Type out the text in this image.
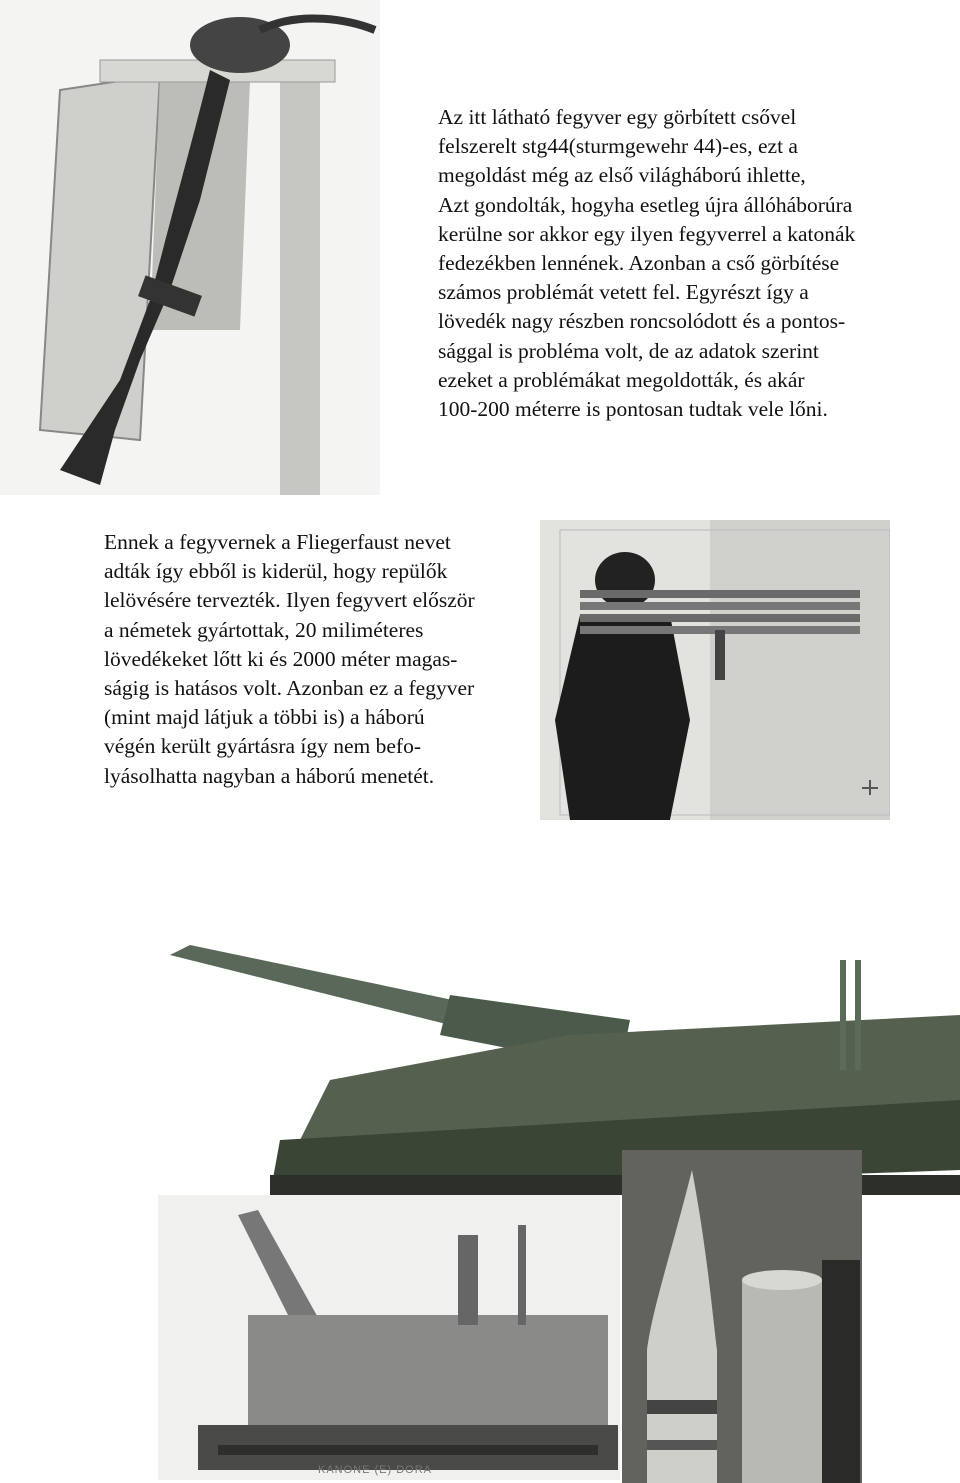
Az itt látható fegyver egy görbített csővel
felszerelt stg44(sturmgewehr 44)-es, ezt a
megoldást még az első világháború ihlette,
Azt gondolták, hogyha esetleg újra állóháborúra
kerülne sor akkor egy ilyen fegyverrel a katonák
fedezékben lennének. Azonban a cső görbítése
számos problémát vetett fel. Egyrészt így a
lövedék nagy részben roncsolódott és a pontos-
sággal is probléma volt, de az adatok szerint
ezeket a problémákat megoldották, és akár
100-200 méterre is pontosan tudtak vele lőni.

Ennek a fegyvernek a Fliegerfaust nevet
adták így ebből is kiderül, hogy repülők
lelövésére tervezték. Ilyen fegyvert először
a németek gyártottak, 20 miliméteres
lövedékeket lőtt ki és 2000 méter magas-
ságig is hatásos volt. Azonban ez a fegyver
(mint majd látjuk a többi is) a háború
végén került gyártásra így nem befo-
lyásolhatta nagyban a háború menetét.

KANONE (E) DORA
